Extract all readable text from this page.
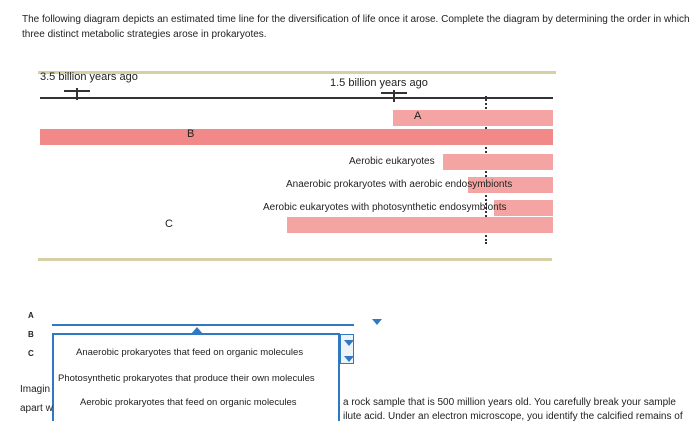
The following diagram depicts an estimated time line for the diversification of life once it arose. Complete the diagram by determining the order in which three distinct metabolic strategies arose in prokaryotes.
3.5 billion years ago	1.5 billion years ago
A
B
Aerobic eukaryotes
Anaerobic prokaryotes with aerobic endosymbionts
Aerobic eukaryotes with photosynthetic endosymbionts
C
A
B
C	Anaerobic prokaryotes that feed on organic molecules
Photosynthetic prokaryotes that produce their own molecules
Aerobic prokaryotes that feed on organic molecules
Imagin
apart w
a rock sample that is 500 million years old. You carefully break your sample
ilute acid. Under an electron microscope, you identify the calcified remains of
